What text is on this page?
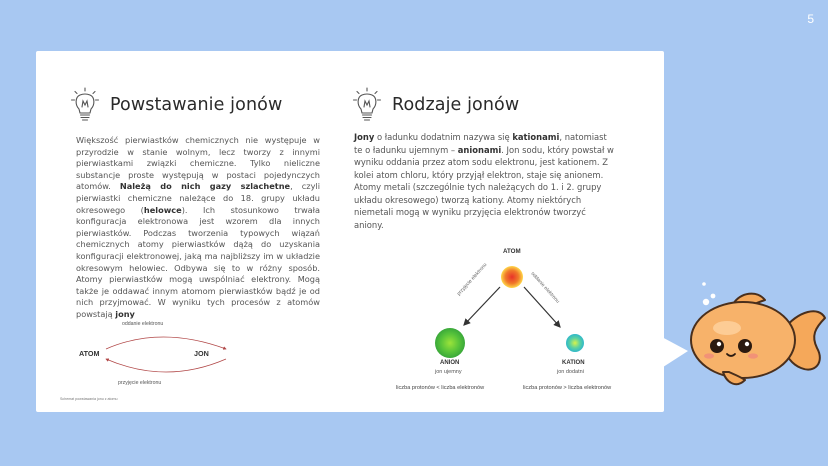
5
Powstawanie jonów
Większość pierwiastków chemicznych nie występuje w przyrodzie w stanie wolnym, lecz tworzy z innymi pierwiastkami związki chemiczne. Tylko nieliczne substancje proste występują w postaci pojedynczych atomów. Należą do nich gazy szlachetne, czyli pierwiastki chemiczne należące do 18. grupy układu okresowego (helowce). Ich stosunkowo trwała konfiguracja elektronowa jest wzorem dla innych pierwiastków. Podczas tworzenia typowych wiązań chemicznych atomy pierwiastków dążą do uzyskania konfiguracji elektronowej, jaką ma najbliższy im w układzie okresowym helowiec. Odbywa się to w różny sposób. Atomy pierwiastków mogą uwspólniać elektrony. Mogą także je oddawać innym atomom pierwiastków bądź je od nich przyjmować. W wyniku tych procesów z atomów powstają jony
oddanie elektronu
przyjęcie elektronu
ATOM	JON
Schemat powstawania jonu z atomu
Rodzaje jonów
Jony o ładunku dodatnim nazywa się kationami, natomiast te o ładunku ujemnym – anionami. Jon sodu, który powstał w wyniku oddania przez atom sodu elektronu, jest kationem. Z kolei atom chloru, który przyjął elektron, staje się anionem. Atomy metali (szczególnie tych należących do 1. i 2. grupy układu okresowego) tworzą kationy. Atomy niektórych niemetali mogą w wyniku przyjęcia elektronów tworzyć aniony.
ATOM
przyjęcie elektronu	oddanie elektronu
ANION
jon ujemny
KATION
jon dodatni
liczba protonów < liczba elektronów	liczba protonów > liczba elektronów
